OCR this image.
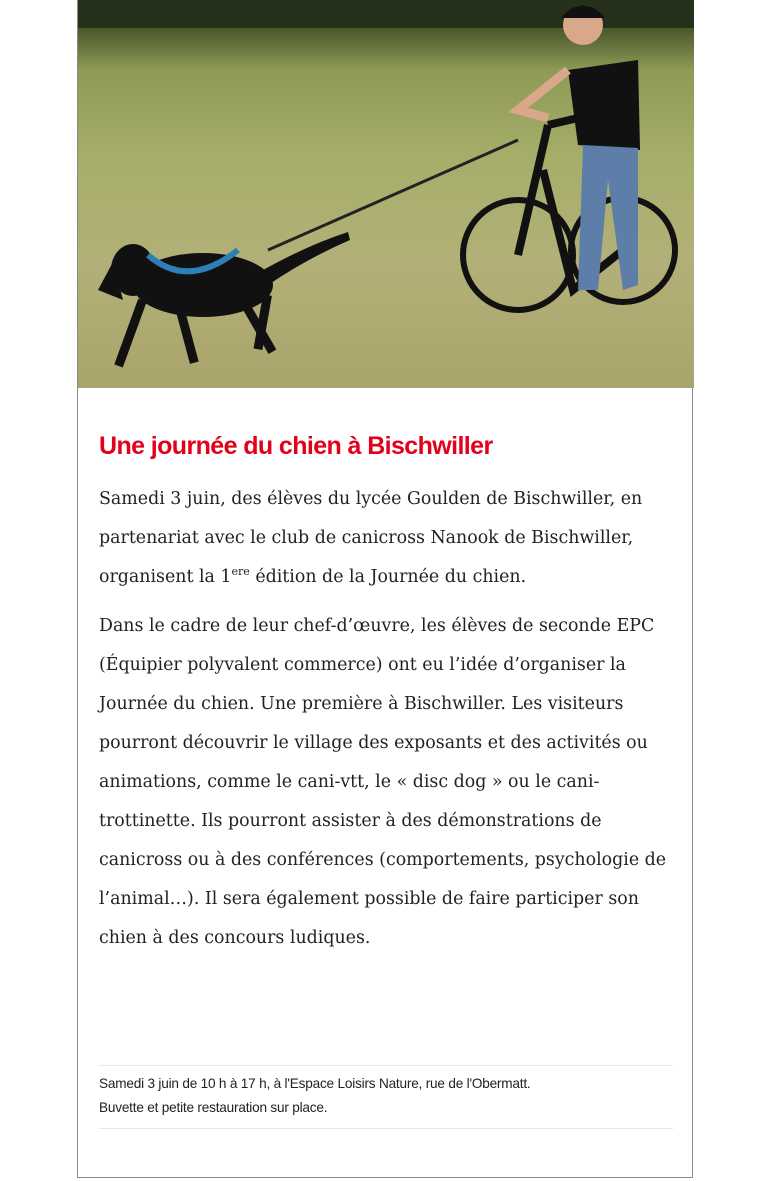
Une journée du chien à Bischwiller

Samedi 3 juin, des élèves du lycée Goulden de Bischwiller, en partenariat avec le club de canicross Nanook de Bischwiller, organisent la 1ere édition de la Journée du chien.

Dans le cadre de leur chef-d’œuvre, les élèves de seconde EPC (Équipier polyvalent commerce) ont eu l’idée d’organiser la Journée du chien. Une première à Bischwiller. Les visiteurs pourront découvrir le village des exposants et des activités ou animations, comme le cani-vtt, le « disc dog » ou le cani-trottinette. Ils pourront assister à des démonstrations de canicross ou à des conférences (comportements, psychologie de l’animal…). Il sera également possible de faire participer son chien à des concours ludiques.

Samedi 3 juin de 10 h à 17 h, à l'Espace Loisirs Nature, rue de l'Obermatt.
Buvette et petite restauration sur place.
